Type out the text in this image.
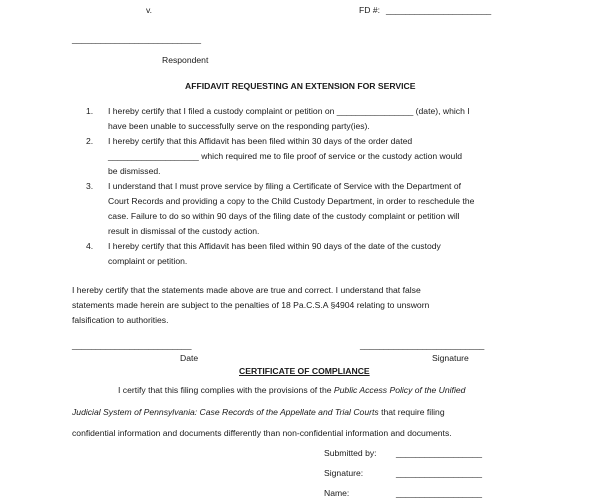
v.	FD #: ______________________
___________________________
Respondent
AFFIDAVIT REQUESTING AN EXTENSION FOR SERVICE
1. I hereby certify that I filed a custody complaint or petition on ________________ (date), which I
have been unable to successfully serve on the responding party(ies).
2. I hereby certify that this Affidavit has been filed within 30 days of the order dated
___________________ which required me to file proof of service or the custody action would
be dismissed.
3. I understand that I must prove service by filing a Certificate of Service with the Department of
Court Records and providing a copy to the Child Custody Department, in order to reschedule the
case. Failure to do so within 90 days of the filing date of the custody complaint or petition will
result in dismissal of the custody action.
4. I hereby certify that this Affidavit has been filed within 90 days of the date of the custody
complaint or petition.
I hereby certify that the statements made above are true and correct. I understand that false
statements made herein are subject to the penalties of 18 Pa.C.S.A §4904 relating to unsworn
falsification to authorities.
_________________________
Date
__________________________
Signature
CERTIFICATE OF COMPLIANCE
I certify that this filing complies with the provisions of the Public Access Policy of the Unified
Judicial System of Pennsylvania: Case Records of the Appellate and Trial Courts that require filing
confidential information and documents differently than non-confidential information and documents.
Submitted by: __________________
Signature:	__________________
Name:	__________________
